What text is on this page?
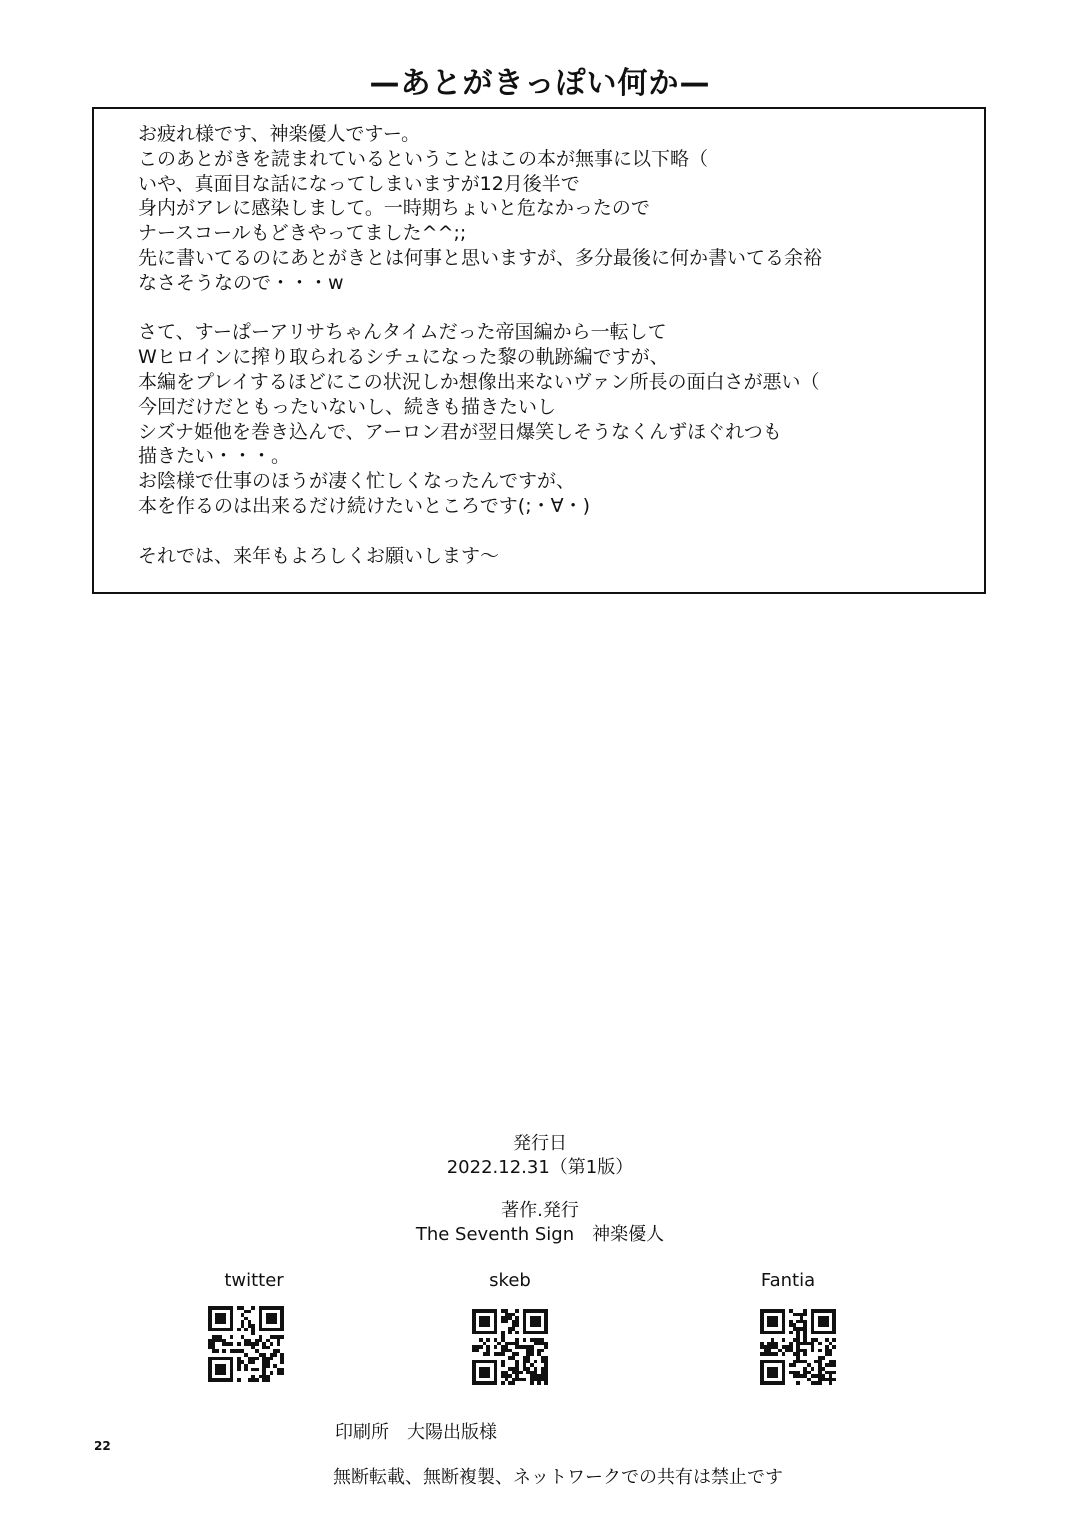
—あとがきっぽい何か—
お疲れ様です、神楽優人ですー。
このあとがきを読まれているということはこの本が無事に以下略（
いや、真面目な話になってしまいますが12月後半で
身内がアレに感染しまして。一時期ちょいと危なかったので
ナースコールもどきやってました^^;;
先に書いてるのにあとがきとは何事と思いますが、多分最後に何か書いてる余裕
なさそうなので・・・w
さて、すーぱーアリサちゃんタイムだった帝国編から一転して
Wヒロインに搾り取られるシチュになった黎の軌跡編ですが、
本編をプレイするほどにこの状況しか想像出来ないヴァン所長の面白さが悪い（
今回だけだともったいないし、続きも描きたいし
シズナ姫他を巻き込んで、アーロン君が翌日爆笑しそうなくんずほぐれつも
描きたい・・・。
お陰様で仕事のほうが凄く忙しくなったんですが、
本を作るのは出来るだけ続けたいところです(;・∀・)
それでは、来年もよろしくお願いします～
発行日
2022.12.31（第1版）
著作.発行
The Seventh Sign　神楽優人
twitter	skeb	Fantia
印刷所　大陽出版様
22
無断転載、無断複製、ネットワークでの共有は禁止です
